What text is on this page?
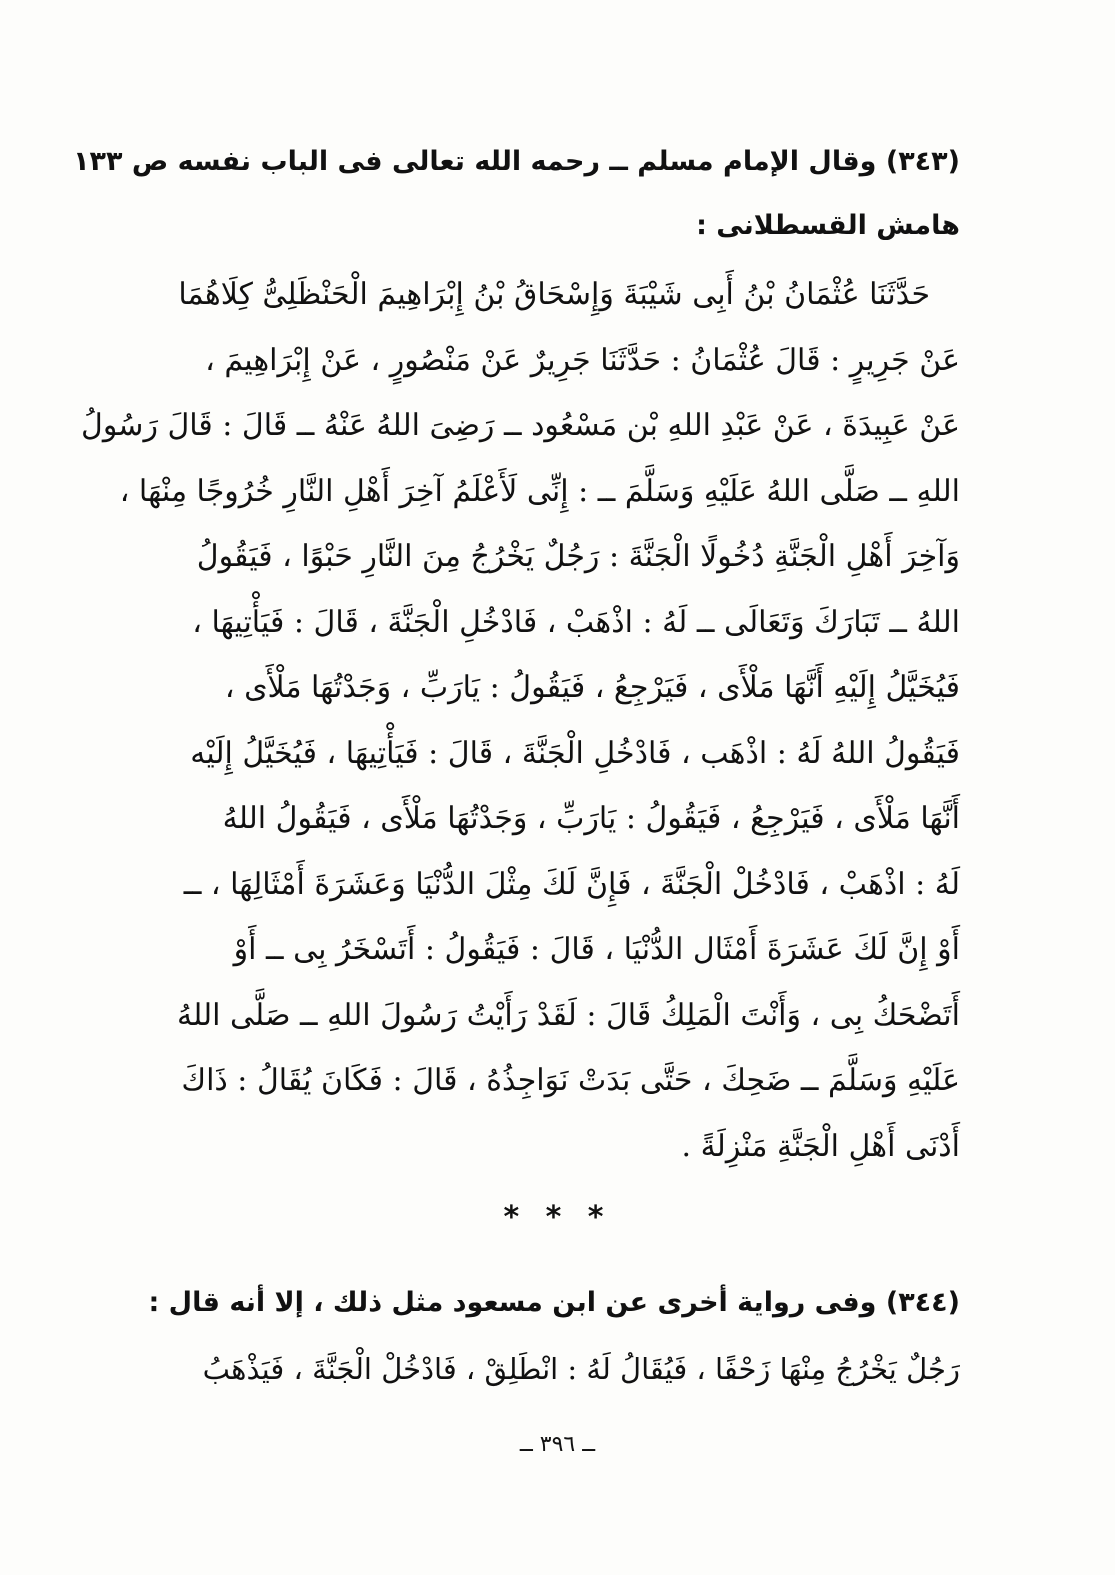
(٣٤٣) وقال الإمام مسلم ــ رحمه الله تعالى فى الباب نفسه ص ١٣٣
هامش القسطلانى :
حَدَّثَنَا عُثْمَانُ بْنُ أَبِى شَيْبَةَ وَإِسْحَاقُ بْنُ إِبْرَاهِيمَ الْحَنْظَلِىُّ كِلَاهُمَا
عَنْ جَرِيرٍ : قَالَ عُثْمَانُ : حَدَّثَنَا جَرِيرٌ عَنْ مَنْصُورٍ ، عَنْ إِبْرَاهِيمَ ،
عَنْ عَبِيدَةَ ، عَنْ عَبْدِ اللهِ بْن مَسْعُود ــ رَضِىَ اللهُ عَنْهُ ــ قَالَ : قَالَ رَسُولُ
اللهِ ــ صَلَّى اللهُ عَلَيْهِ وَسَلَّمَ ــ : إِنِّى لَأَعْلَمُ آخِرَ أَهْلِ النَّارِ خُرُوجًا مِنْهَا ،
وَآخِرَ أَهْلِ الْجَنَّةِ دُخُولًا الْجَنَّةَ : رَجُلٌ يَخْرُجُ مِنَ النَّارِ حَبْوًا ، فَيَقُولُ
اللهُ ــ تَبَارَكَ وَتَعَالَى ــ لَهُ : اذْهَبْ ، فَادْخُلِ الْجَنَّةَ ، قَالَ : فَيَأْتِيهَا ،
فَيُخَيَّلُ إِلَيْهِ أَنَّهَا مَلْأَى ، فَيَرْجِعُ ، فَيَقُولُ : يَارَبِّ ، وَجَدْتُهَا مَلْأَى ،
فَيَقُولُ اللهُ لَهُ : اذْهَب ، فَادْخُلِ الْجَنَّةَ ، قَالَ : فَيَأْتِيهَا ، فَيُخَيَّلُ إِلَيْه
أَنَّهَا مَلْأَى ، فَيَرْجِعُ ، فَيَقُولُ : يَارَبِّ ، وَجَدْتُهَا مَلْأَى ، فَيَقُولُ اللهُ
لَهُ : اذْهَبْ ، فَادْخُلْ الْجَنَّةَ ، فَإِنَّ لَكَ مِثْلَ الدُّنْيَا وَعَشَرَةَ أَمْثَالِهَا ، ــ
أَوْ إِنَّ لَكَ عَشَرَةَ أَمْثَال الدُّنْيَا ، قَالَ : فَيَقُولُ : أَتَسْخَرُ بِى ــ أَوْ
أَتَضْحَكُ بِى ، وَأَنْتَ الْمَلِكُ قَالَ : لَقَدْ رَأَيْتُ رَسُولَ اللهِ ــ صَلَّى اللهُ
عَلَيْهِ وَسَلَّمَ ــ ضَحِكَ ، حَتَّى بَدَتْ نَوَاجِذُهُ ، قَالَ : فَكَانَ يُقَالُ : ذَاكَ
أَدْنَى أَهْلِ الْجَنَّةِ مَنْزِلَةً .
* * *
(٣٤٤) وفى رواية أخرى عن ابن مسعود مثل ذلك ، إلا أنه قال :
رَجُلٌ يَخْرُجُ مِنْهَا زَحْفًا ، فَيُقَالُ لَهُ : انْطَلِقْ ، فَادْخُلْ الْجَنَّةَ ، فَيَذْهَبُ
ــ ٣٩٦ ــ
